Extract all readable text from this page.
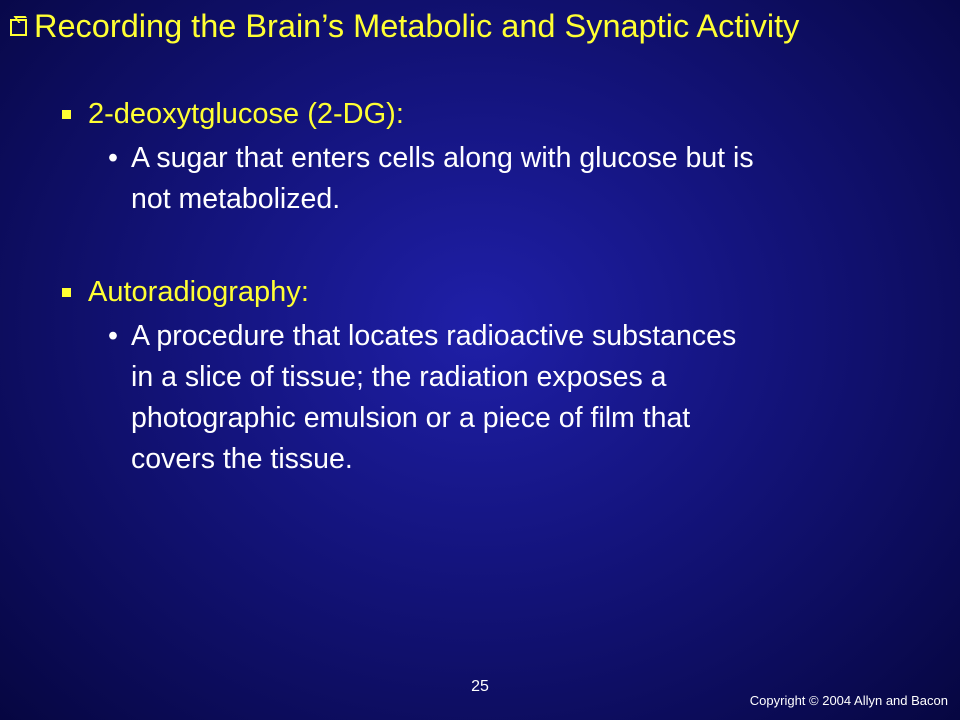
Recording the Brain’s Metabolic and Synaptic Activity
2-deoxytglucose (2-DG):
• A sugar that enters cells along with glucose but is
not metabolized.
Autoradiography:
• A procedure that locates radioactive substances
in a slice of tissue; the radiation exposes a
photographic emulsion or a piece of film that
covers the tissue.
25
Copyright © 2004 Allyn and Bacon
